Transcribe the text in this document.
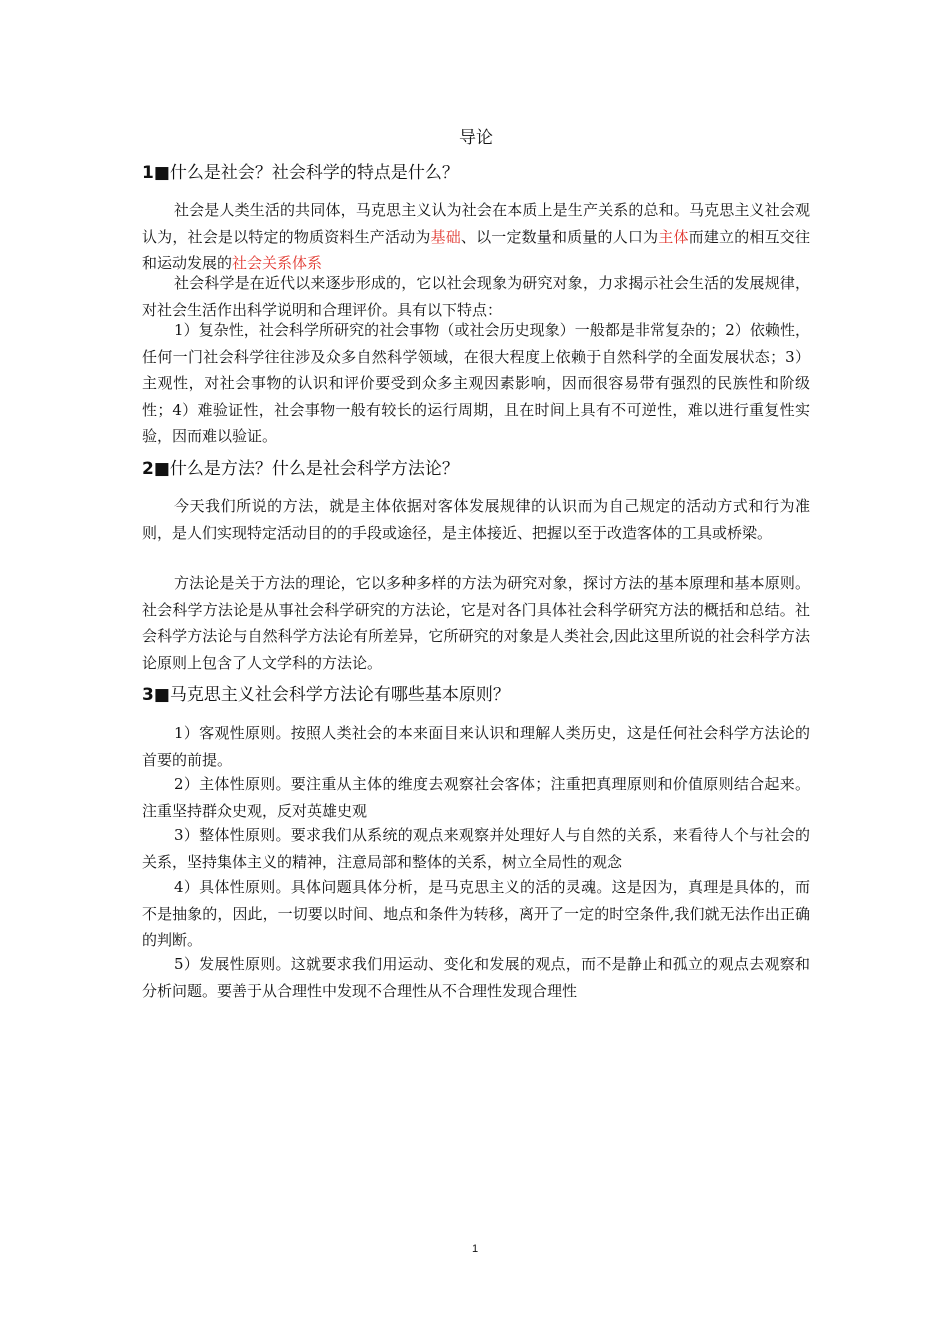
导论
1■什么是社会？社会科学的特点是什么？

社会是人类生活的共同体，马克思主义认为社会在本质上是生产关系的总和。马克思主义社会观认为，社会是以特定的物质资料生产活动为基础、以一定数量和质量的人口为主体而建立的相互交往和运动发展的社会关系体系

社会科学是在近代以来逐步形成的，它以社会现象为研究对象，力求揭示社会生活的发展规律，对社会生活作出科学说明和合理评价。具有以下特点：

1）复杂性，社会科学所研究的社会事物（或社会历史现象）一般都是非常复杂的；2）依赖性，任何一门社会科学往往涉及众多自然科学领域，在很大程度上依赖于自然科学的全面发展状态；3）主观性，对社会事物的认识和评价要受到众多主观因素影响，因而很容易带有强烈的民族性和阶级性；4）难验证性，社会事物一般有较长的运行周期，且在时间上具有不可逆性，难以进行重复性实验，因而难以验证。

2■什么是方法？什么是社会科学方法论？

今天我们所说的方法，就是主体依据对客体发展规律的认识而为自己规定的活动方式和行为准则，是人们实现特定活动目的的手段或途径，是主体接近、把握以至于改造客体的工具或桥梁。

方法论是关于方法的理论，它以多种多样的方法为研究对象，探讨方法的基本原理和基本原则。社会科学方法论是从事社会科学研究的方法论，它是对各门具体社会科学研究方法的概括和总结。社会科学方法论与自然科学方法论有所差异，它所研究的对象是人类社会,因此这里所说的社会科学方法论原则上包含了人文学科的方法论。

3■马克思主义社会科学方法论有哪些基本原则？

1）客观性原则。按照人类社会的本来面目来认识和理解人类历史，这是任何社会科学方法论的首要的前提。

2）主体性原则。要注重从主体的维度去观察社会客体；注重把真理原则和价值原则结合起来。注重坚持群众史观，反对英雄史观

3）整体性原则。要求我们从系统的观点来观察并处理好人与自然的关系，来看待人个与社会的关系，坚持集体主义的精神，注意局部和整体的关系，树立全局性的观念

4）具体性原则。具体问题具体分析，是马克思主义的活的灵魂。这是因为，真理是具体的，而不是抽象的，因此，一切要以时间、地点和条件为转移，离开了一定的时空条件,我们就无法作出正确的判断。

5）发展性原则。这就要求我们用运动、变化和发展的观点，而不是静止和孤立的观点去观察和分析问题。要善于从合理性中发现不合理性从不合理性发现合理性

1
